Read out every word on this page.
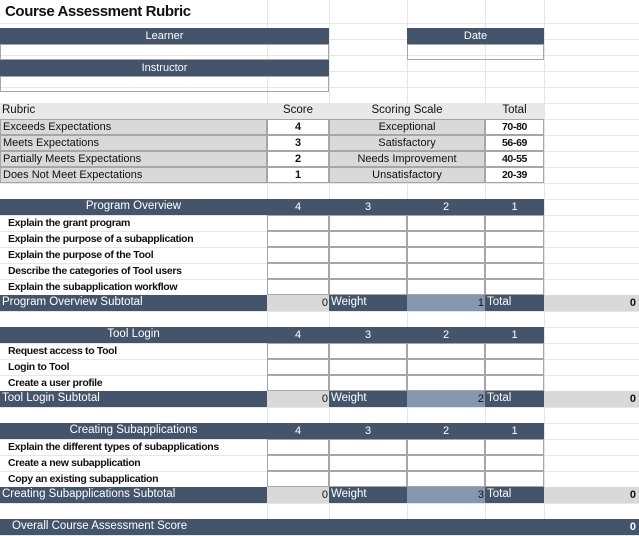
Course Assessment Rubric
Learner	Date
Instructor
Rubric	Score	Scoring Scale	Total
Exceeds Expectations	4	Exceptional	70-80
Meets Expectations	3	Satisfactory	56-69
Partially Meets Expectations	2	Needs Improvement	40-55
Does Not Meet Expectations	1	Unsatisfactory	20-39
Program Overview	4	3	2	1
Explain the grant program
Explain the purpose of a subapplication
Explain the purpose of the Tool
Describe the categories of Tool users
Explain the subapplication workflow
Program Overview Subtotal	0 Weight	1 Total	0
Tool Login	4	3	2	1
Request access to Tool
Login to Tool
Create a user profile
Tool Login Subtotal	0 Weight	2 Total	0
Creating Subapplications	4	3	2	1
Explain the different types of subapplications
Create a new subapplication
Copy an existing subapplication
Creating Subapplications Subtotal	0 Weight	3 Total	0
Overall Course Assessment Score	0
